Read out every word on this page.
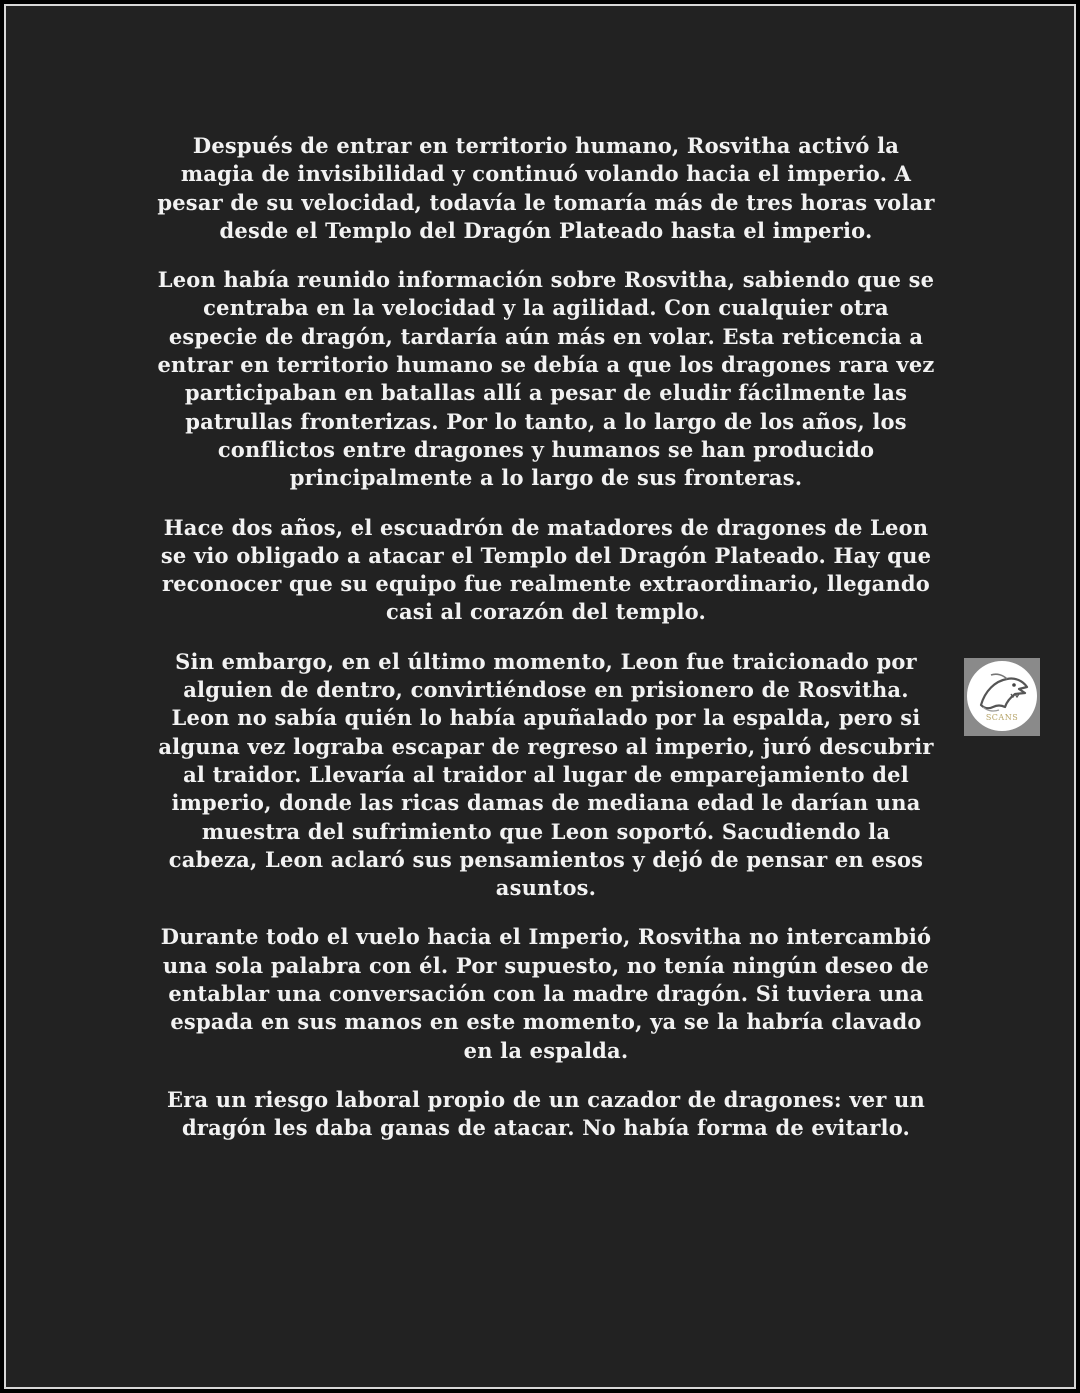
Después de entrar en territorio humano, Rosvitha activó la magia de invisibilidad y continuó volando hacia el imperio. A pesar de su velocidad, todavía le tomaría más de tres horas volar desde el Templo del Dragón Plateado hasta el imperio.

Leon había reunido información sobre Rosvitha, sabiendo que se centraba en la velocidad y la agilidad. Con cualquier otra especie de dragón, tardaría aún más en volar. Esta reticencia a entrar en territorio humano se debía a que los dragones rara vez participaban en batallas allí a pesar de eludir fácilmente las patrullas fronterizas. Por lo tanto, a lo largo de los años, los conflictos entre dragones y humanos se han producido principalmente a lo largo de sus fronteras.

Hace dos años, el escuadrón de matadores de dragones de Leon se vio obligado a atacar el Templo del Dragón Plateado. Hay que reconocer que su equipo fue realmente extraordinario, llegando casi al corazón del templo.

Sin embargo, en el último momento, Leon fue traicionado por alguien de dentro, convirtiéndose en prisionero de Rosvitha. Leon no sabía quién lo había apuñalado por la espalda, pero si alguna vez lograba escapar de regreso al imperio, juró descubrir al traidor. Llevaría al traidor al lugar de emparejamiento del imperio, donde las ricas damas de mediana edad le darían una muestra del sufrimiento que Leon soportó. Sacudiendo la cabeza, Leon aclaró sus pensamientos y dejó de pensar en esos asuntos.

Durante todo el vuelo hacia el Imperio, Rosvitha no intercambió una sola palabra con él. Por supuesto, no tenía ningún deseo de entablar una conversación con la madre dragón. Si tuviera una espada en sus manos en este momento, ya se la habría clavado en la espalda.

Era un riesgo laboral propio de un cazador de dragones: ver un dragón les daba ganas de atacar. No había forma de evitarlo.

SCANS
